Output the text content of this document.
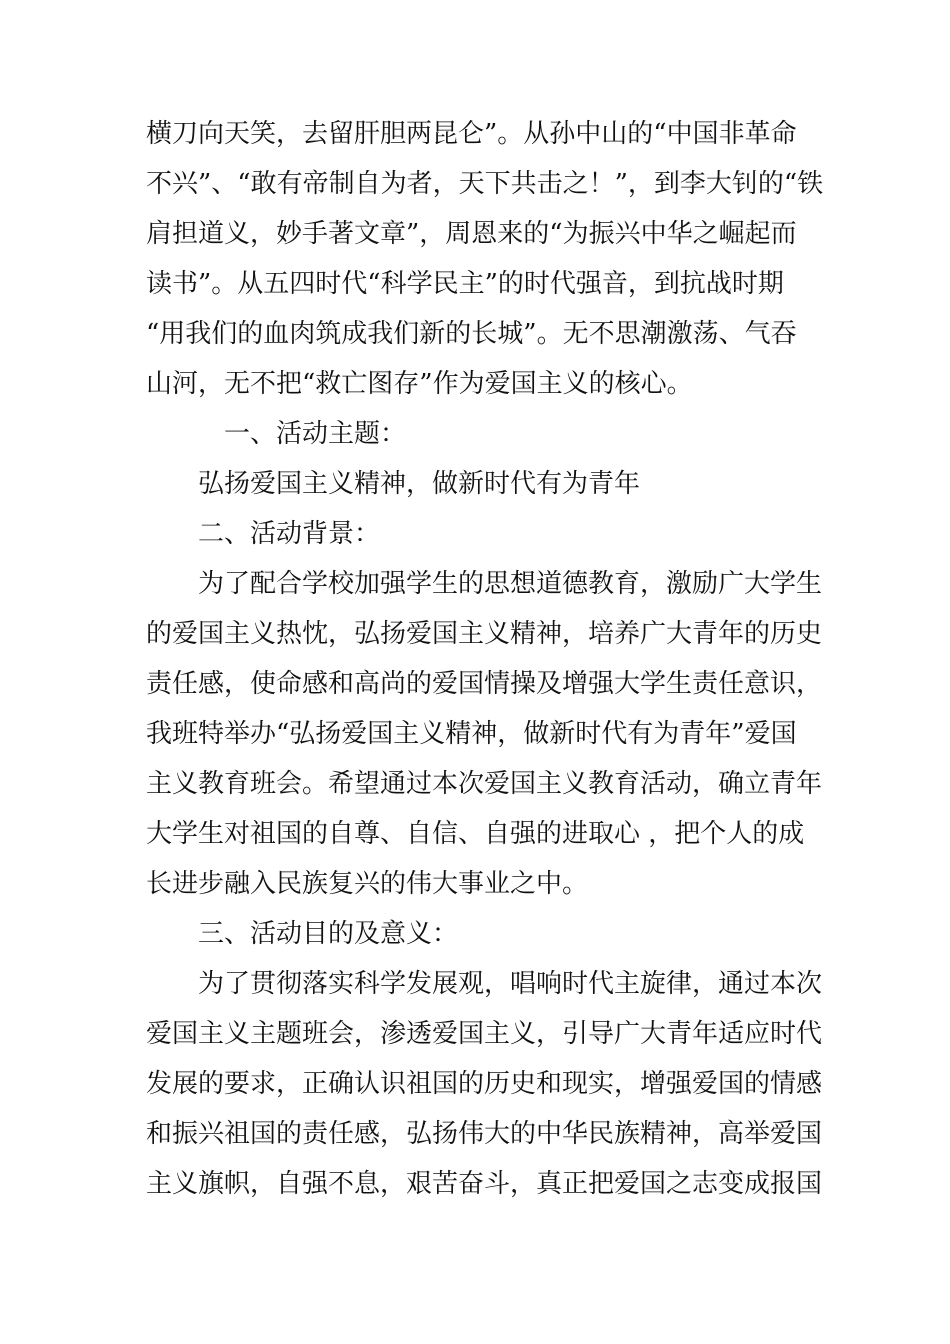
横刀向天笑，去留肝胆两昆仑”。从孙中山的“中国非革命
不兴”、“敢有帝制自为者，天下共击之！”，到李大钊的“铁
肩担道义，妙手著文章”，周恩来的“为振兴中华之崛起而
读书”。从五四时代“科学民主”的时代强音，到抗战时期
“用我们的血肉筑成我们新的长城”。无不思潮激荡、气吞
山河，无不把“救亡图存”作为爱国主义的核心。
一、活动主题：
弘扬爱国主义精神，做新时代有为青年
二、活动背景：
为了配合学校加强学生的思想道德教育，激励广大学生
的爱国主义热忱，弘扬爱国主义精神，培养广大青年的历史
责任感，使命感和高尚的爱国情操及增强大学生责任意识，
我班特举办“弘扬爱国主义精神，做新时代有为青年”爱国
主义教育班会。希望通过本次爱国主义教育活动，确立青年
大学生对祖国的自尊、自信、自强的进取心 ，把个人的成
长进步融入民族复兴的伟大事业之中。
三、活动目的及意义：
为了贯彻落实科学发展观，唱响时代主旋律，通过本次
爱国主义主题班会，渗透爱国主义，引导广大青年适应时代
发展的要求，正确认识祖国的历史和现实，增强爱国的情感
和振兴祖国的责任感，弘扬伟大的中华民族精神，高举爱国
主义旗帜，自强不息，艰苦奋斗，真正把爱国之志变成报国
